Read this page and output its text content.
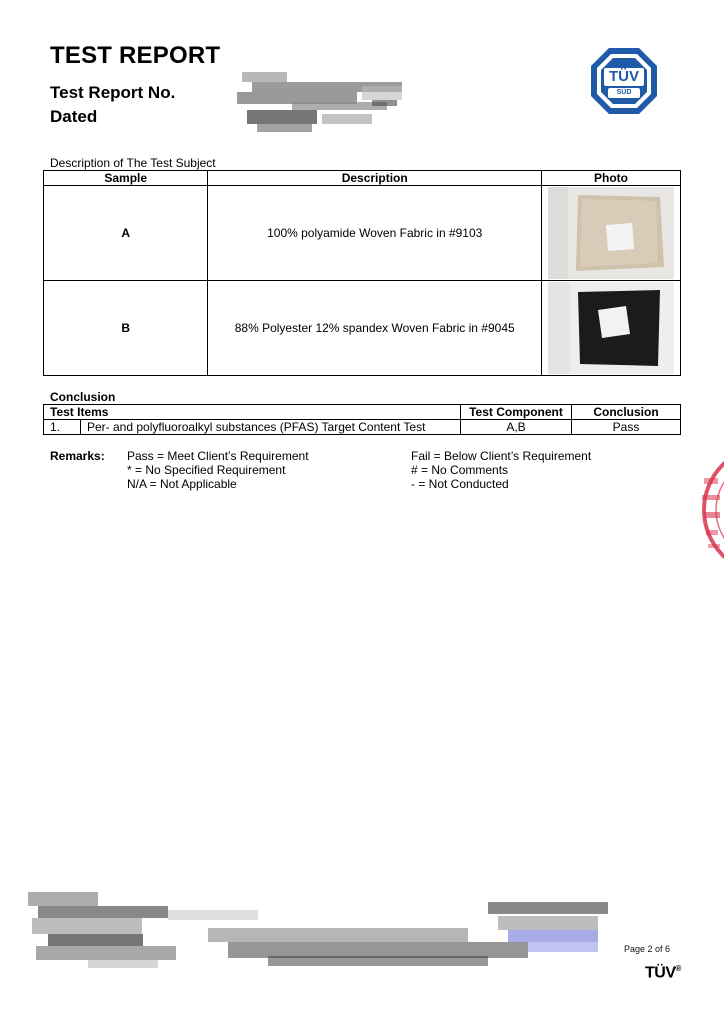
TEST REPORT
Test Report No.
Dated
TÜV
SÜD
Description of The Test Subject
Sample	Description	Photo
A	100% polyamide Woven Fabric in #9103	

B	88% Polyester 12% spandex Woven Fabric in #9045	
Conclusion
Test Items		Test Component	Conclusion
1.	Per- and polyfluoroalkyl substances (PFAS) Target Content Test	A,B	Pass
Remarks: Pass = Meet Client’s Requirement
* = No Specified Requirement
N/A = Not Applicable
Fail = Below Client’s Requirement
# = No Comments
- = Not Conducted
Page 2 of 6
TÜV®
